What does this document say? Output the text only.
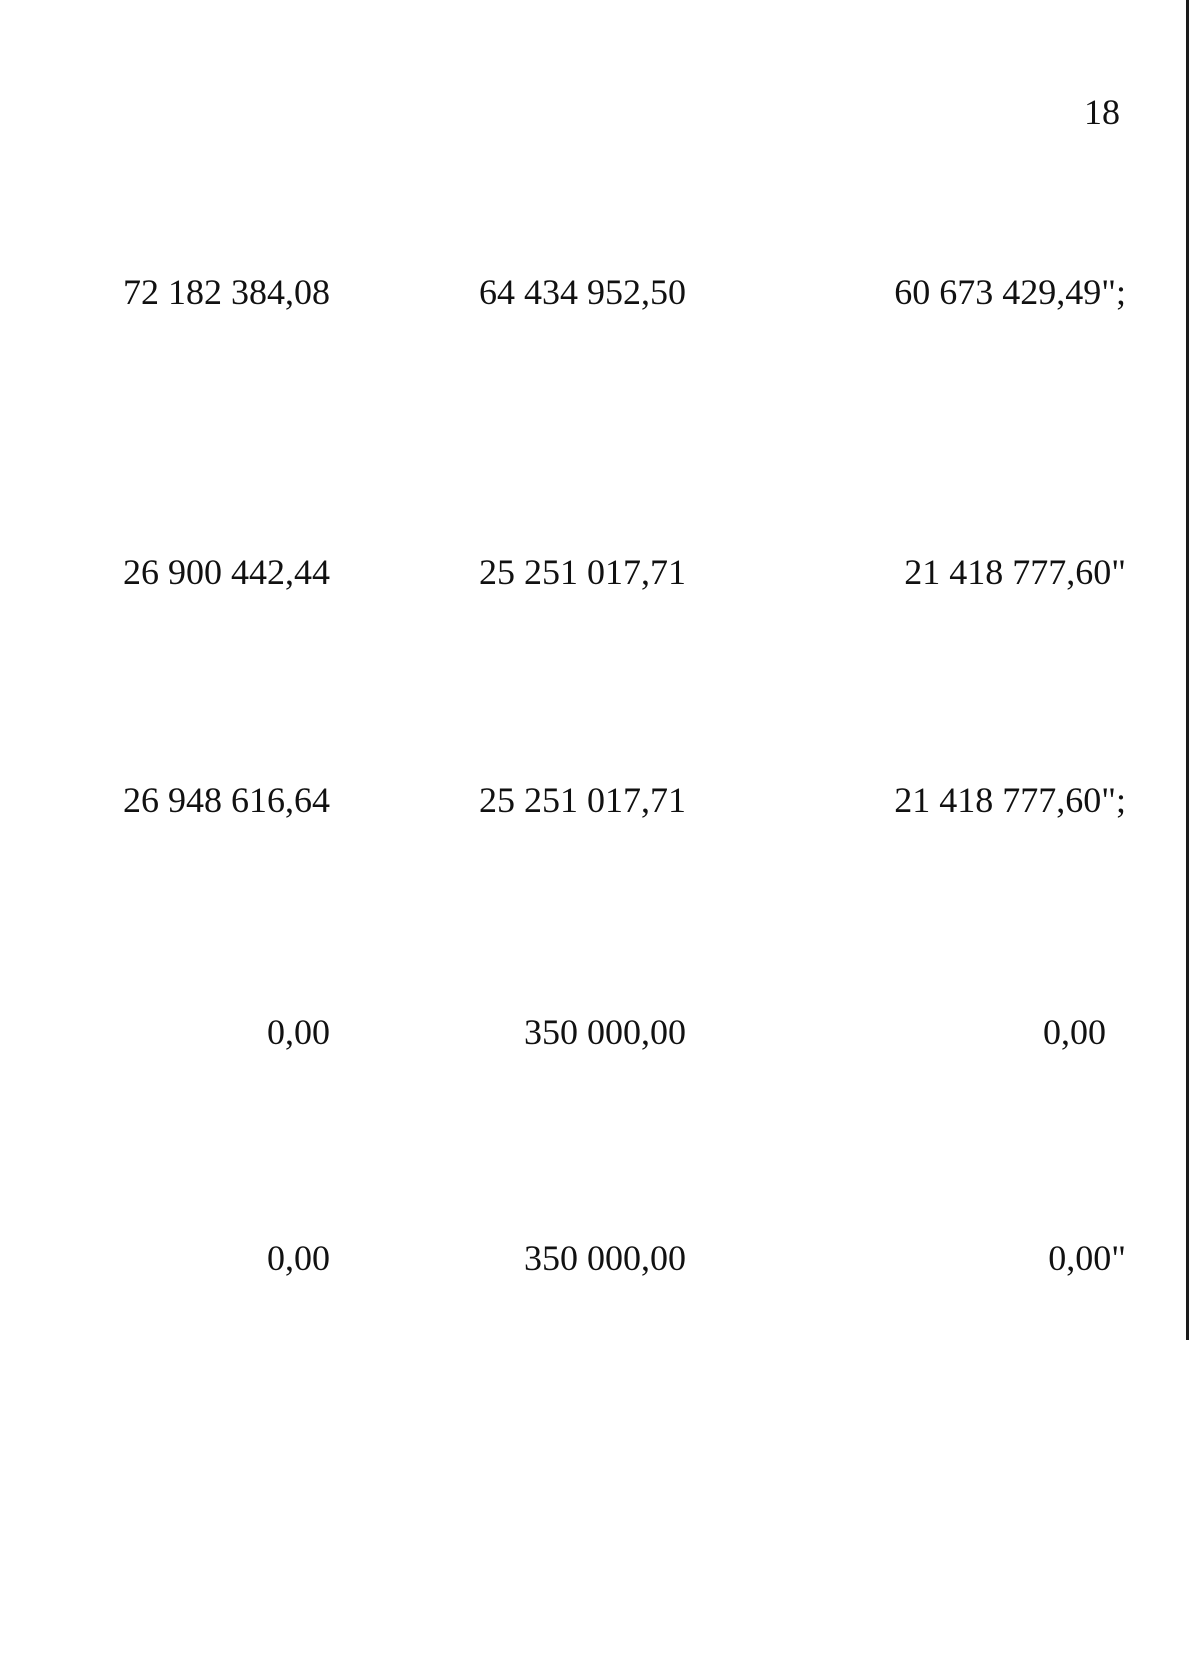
18
72 182 384,08	64 434 952,50	60 673 429,49";
26 900 442,44	25 251 017,71	21 418 777,60"
26 948 616,64	25 251 017,71	21 418 777,60";
0,00	350 000,00	0,00
0,00	350 000,00	0,00"
